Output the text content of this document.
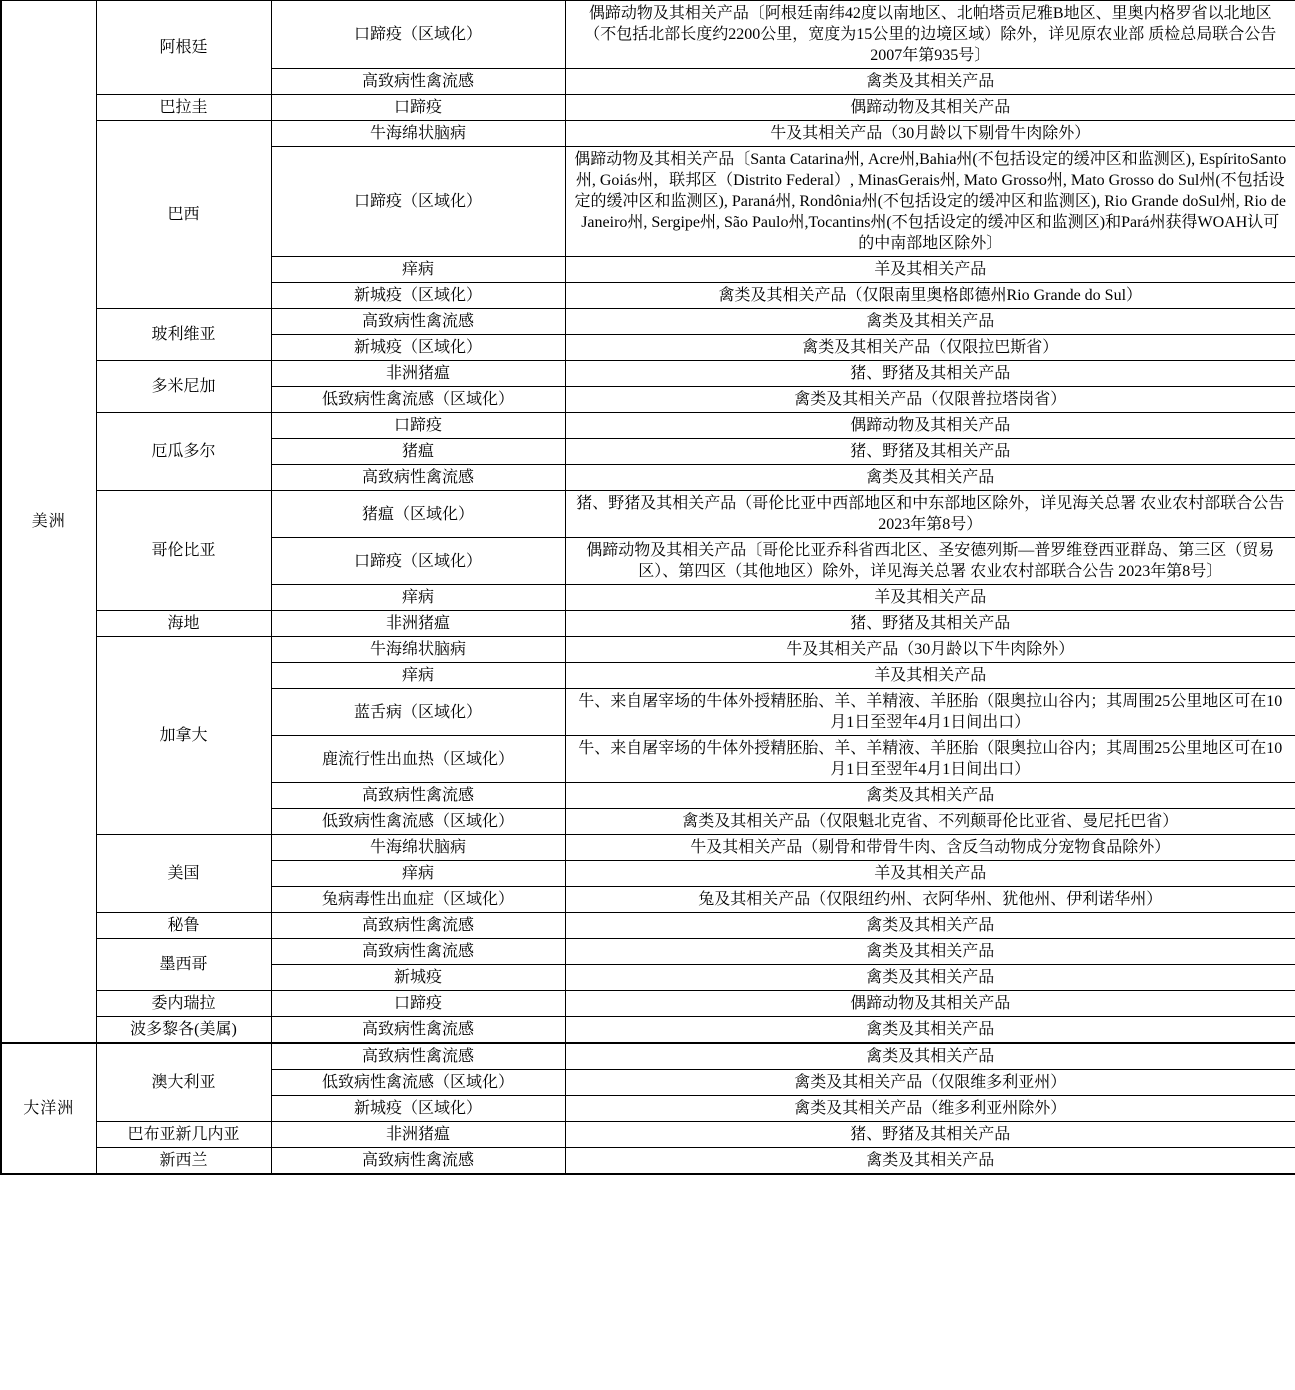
美洲	阿根廷	口蹄疫（区域化）	偶蹄动物及其相关产品〔阿根廷南纬42度以南地区、北帕塔贡尼雅B地区、里奥内格罗省以北地区（不包括北部长度约2200公里，宽度为15公里的边境区域）除外，详见原农业部 质检总局联合公告 2007年第935号〕
		高致病性禽流感	禽类及其相关产品
	巴拉圭	口蹄疫	偶蹄动物及其相关产品
	巴西	牛海绵状脑病	牛及其相关产品（30月龄以下剔骨牛肉除外）
		口蹄疫（区域化）	偶蹄动物及其相关产品〔Santa Catarina州, Acre州,Bahia州(不包括设定的缓冲区和监测区), EspíritoSanto州, Goiás州，联邦区（Distrito Federal）, MinasGerais州, Mato Grosso州, Mato Grosso do Sul州(不包括设定的缓冲区和监测区), Paraná州, Rondônia州(不包括设定的缓冲区和监测区), Rio Grande doSul州, Rio de Janeiro州, Sergipe州, São Paulo州,Tocantins州(不包括设定的缓冲区和监测区)和Pará州获得WOAH认可的中南部地区除外〕
		痒病	羊及其相关产品
		新城疫（区域化）	禽类及其相关产品（仅限南里奥格郎德州Rio Grande do Sul）
	玻利维亚	高致病性禽流感	禽类及其相关产品
		新城疫（区域化）	禽类及其相关产品（仅限拉巴斯省）
	多米尼加	非洲猪瘟	猪、野猪及其相关产品
		低致病性禽流感（区域化）	禽类及其相关产品（仅限普拉塔岗省）
	厄瓜多尔	口蹄疫	偶蹄动物及其相关产品
		猪瘟	猪、野猪及其相关产品
		高致病性禽流感	禽类及其相关产品
	哥伦比亚	猪瘟（区域化）	猪、野猪及其相关产品（哥伦比亚中西部地区和中东部地区除外，详见海关总署 农业农村部联合公告 2023年第8号）
		口蹄疫（区域化）	偶蹄动物及其相关产品〔哥伦比亚乔科省西北区、圣安德列斯—普罗维登西亚群岛、第三区（贸易区）、第四区（其他地区）除外，详见海关总署 农业农村部联合公告 2023年第8号〕
		痒病	羊及其相关产品
	海地	非洲猪瘟	猪、野猪及其相关产品
	加拿大	牛海绵状脑病	牛及其相关产品（30月龄以下牛肉除外）
		痒病	羊及其相关产品
		蓝舌病（区域化）	牛、来自屠宰场的牛体外授精胚胎、羊、羊精液、羊胚胎（限奥拉山谷内；其周围25公里地区可在10月1日至翌年4月1日间出口）
		鹿流行性出血热（区域化）	牛、来自屠宰场的牛体外授精胚胎、羊、羊精液、羊胚胎（限奥拉山谷内；其周围25公里地区可在10月1日至翌年4月1日间出口）
		高致病性禽流感	禽类及其相关产品
		低致病性禽流感（区域化）	禽类及其相关产品（仅限魁北克省、不列颠哥伦比亚省、曼尼托巴省）
	美国	牛海绵状脑病	牛及其相关产品（剔骨和带骨牛肉、含反刍动物成分宠物食品除外）
		痒病	羊及其相关产品
		兔病毒性出血症（区域化）	兔及其相关产品（仅限纽约州、衣阿华州、犹他州、伊利诺华州）
	秘鲁	高致病性禽流感	禽类及其相关产品
	墨西哥	高致病性禽流感	禽类及其相关产品
		新城疫	禽类及其相关产品
	委内瑞拉	口蹄疫	偶蹄动物及其相关产品
	波多黎各(美属)	高致病性禽流感	禽类及其相关产品
大洋洲	澳大利亚	高致病性禽流感	禽类及其相关产品
		低致病性禽流感（区域化）	禽类及其相关产品（仅限维多利亚州）
		新城疫（区域化）	禽类及其相关产品（维多利亚州除外）
	巴布亚新几内亚	非洲猪瘟	猪、野猪及其相关产品
	新西兰	高致病性禽流感	禽类及其相关产品
